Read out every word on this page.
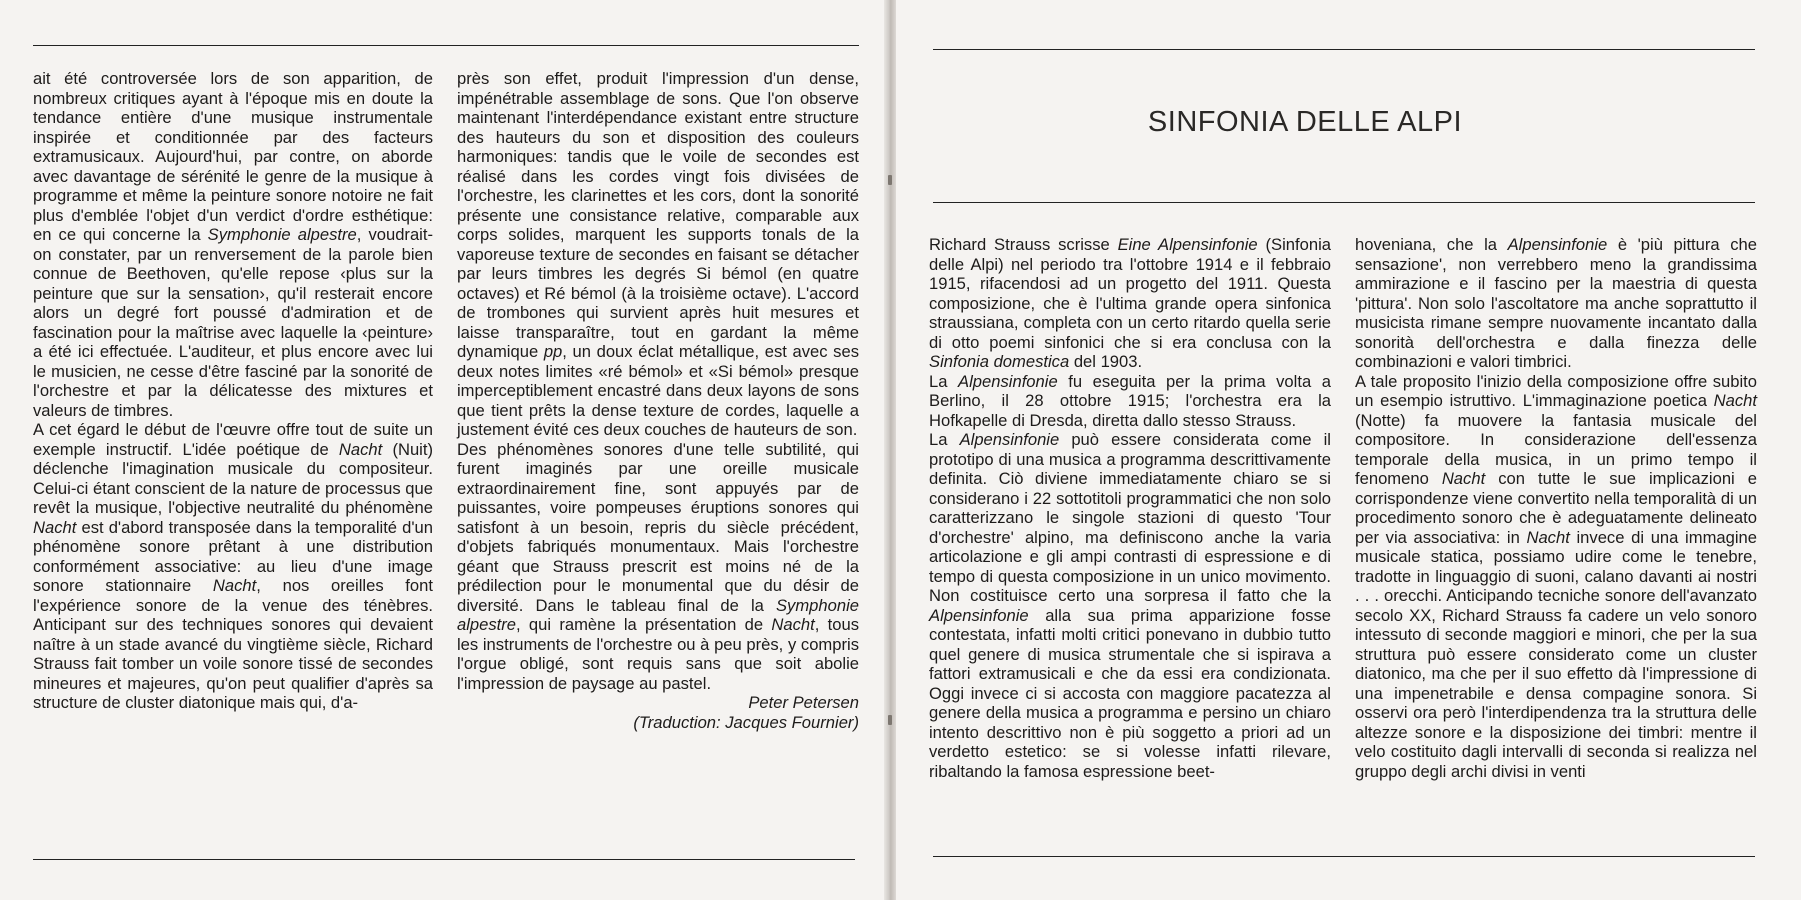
ait été controversée lors de son apparition, de nombreux critiques ayant à l'époque mis en doute la tendance entière d'une musique instrumentale inspirée et conditionnée par des facteurs extramusicaux. Aujourd'hui, par contre, on aborde avec davantage de sérénité le genre de la musique à programme et même la peinture sonore notoire ne fait plus d'emblée l'objet d'un verdict d'ordre esthétique: en ce qui concerne la Symphonie alpestre, voudrait-on constater, par un renversement de la parole bien connue de Beethoven, qu'elle repose ‹plus sur la peinture que sur la sensation›, qu'il resterait encore alors un degré fort poussé d'admiration et de fascination pour la maîtrise avec laquelle la ‹peinture› a été ici effectuée. L'auditeur, et plus encore avec lui le musicien, ne cesse d'être fasciné par la sonorité de l'orchestre et par la délicatesse des mixtures et valeurs de timbres.

A cet égard le début de l'œuvre offre tout de suite un exemple instructif. L'idée poétique de Nacht (Nuit) déclenche l'imagination musicale du compositeur. Celui-ci étant conscient de la nature de processus que revêt la musique, l'objective neutralité du phénomène Nacht est d'abord transposée dans la temporalité d'un phénomène sonore prêtant à une distribution conformément associative: au lieu d'une image sonore stationnaire Nacht, nos oreilles font l'expérience sonore de la venue des ténèbres. Anticipant sur des techniques sonores qui devaient naître à un stade avancé du vingtième siècle, Richard Strauss fait tomber un voile sonore tissé de secondes mineures et majeures, qu'on peut qualifier d'après sa structure de cluster diatonique mais qui, d'a-

près son effet, produit l'impression d'un dense, impénétrable assemblage de sons. Que l'on observe maintenant l'interdépendance existant entre structure des hauteurs du son et disposition des couleurs harmoniques: tandis que le voile de secondes est réalisé dans les cordes vingt fois divisées de l'orchestre, les clarinettes et les cors, dont la sonorité présente une consistance relative, comparable aux corps solides, marquent les supports tonals de la vaporeuse texture de secondes en faisant se détacher par leurs timbres les degrés Si bémol (en quatre octaves) et Ré bémol (à la troisième octave). L'accord de trombones qui survient après huit mesures et laisse transparaître, tout en gardant la même dynamique pp, un doux éclat métallique, est avec ses deux notes limites «ré bémol» et «Si bémol» presque imperceptiblement encastré dans deux layons de sons que tient prêts la dense texture de cordes, laquelle a justement évité ces deux couches de hauteurs de son.

Des phénomènes sonores d'une telle subtilité, qui furent imaginés par une oreille musicale extraordinairement fine, sont appuyés par de puissantes, voire pompeuses éruptions sonores qui satisfont à un besoin, repris du siècle précédent, d'objets fabriqués monumentaux. Mais l'orchestre géant que Strauss prescrit est moins né de la prédilection pour le monumental que du désir de diversité. Dans le tableau final de la Symphonie alpestre, qui ramène la présentation de Nacht, tous les instruments de l'orchestre ou à peu près, y compris l'orgue obligé, sont requis sans que soit abolie l'impression de paysage au pastel.

Peter Petersen

(Traduction: Jacques Fournier)

SINFONIA DELLE ALPI

Richard Strauss scrisse Eine Alpensinfonie (Sinfonia delle Alpi) nel periodo tra l'ottobre 1914 e il febbraio 1915, rifacendosi ad un progetto del 1911. Questa composizione, che è l'ultima grande opera sinfonica straussiana, completa con un certo ritardo quella serie di otto poemi sinfonici che si era conclusa con la Sinfonia domestica del 1903.

La Alpensinfonie fu eseguita per la prima volta a Berlino, il 28 ottobre 1915; l'orchestra era la Hofkapelle di Dresda, diretta dallo stesso Strauss.

La Alpensinfonie può essere considerata come il prototipo di una musica a programma descrittivamente definita. Ciò diviene immediatamente chiaro se si considerano i 22 sottotitoli programmatici che non solo caratterizzano le singole stazioni di questo 'Tour d'orchestre' alpino, ma definiscono anche la varia articolazione e gli ampi contrasti di espressione e di tempo di questa composizione in un unico movimento. Non costituisce certo una sorpresa il fatto che la Alpensinfonie alla sua prima apparizione fosse contestata, infatti molti critici ponevano in dubbio tutto quel genere di musica strumentale che si ispirava a fattori extramusicali e che da essi era condizionata. Oggi invece ci si accosta con maggiore pacatezza al genere della musica a programma e persino un chiaro intento descrittivo non è più soggetto a priori ad un verdetto estetico: se si volesse infatti rilevare, ribaltando la famosa espressione beet-

hoveniana, che la Alpensinfonie è 'più pittura che sensazione', non verrebbero meno la grandissima ammirazione e il fascino per la maestria di questa 'pittura'. Non solo l'ascoltatore ma anche soprattutto il musicista rimane sempre nuovamente incantato dalla sonorità dell'orchestra e dalla finezza delle combinazioni e valori timbrici.

A tale proposito l'inizio della composizione offre subito un esempio istruttivo. L'immaginazione poetica Nacht (Notte) fa muovere la fantasia musicale del compositore. In considerazione dell'essenza temporale della musica, in un primo tempo il fenomeno Nacht con tutte le sue implicazioni e corrispondenze viene convertito nella temporalità di un procedimento sonoro che è adeguatamente delineato per via associativa: in Nacht invece di una immagine musicale statica, possiamo udire come le tenebre, tradotte in linguaggio di suoni, calano davanti ai nostri . . . orecchi. Anticipando tecniche sonore dell'avanzato secolo XX, Richard Strauss fa cadere un velo sonoro intessuto di seconde maggiori e minori, che per la sua struttura può essere considerato come un cluster diatonico, ma che per il suo effetto dà l'impressione di una impenetrabile e densa compagine sonora. Si osservi ora però l'interdipendenza tra la struttura delle altezze sonore e la disposizione dei timbri: mentre il velo costituito dagli intervalli di seconda si realizza nel gruppo degli archi divisi in venti
